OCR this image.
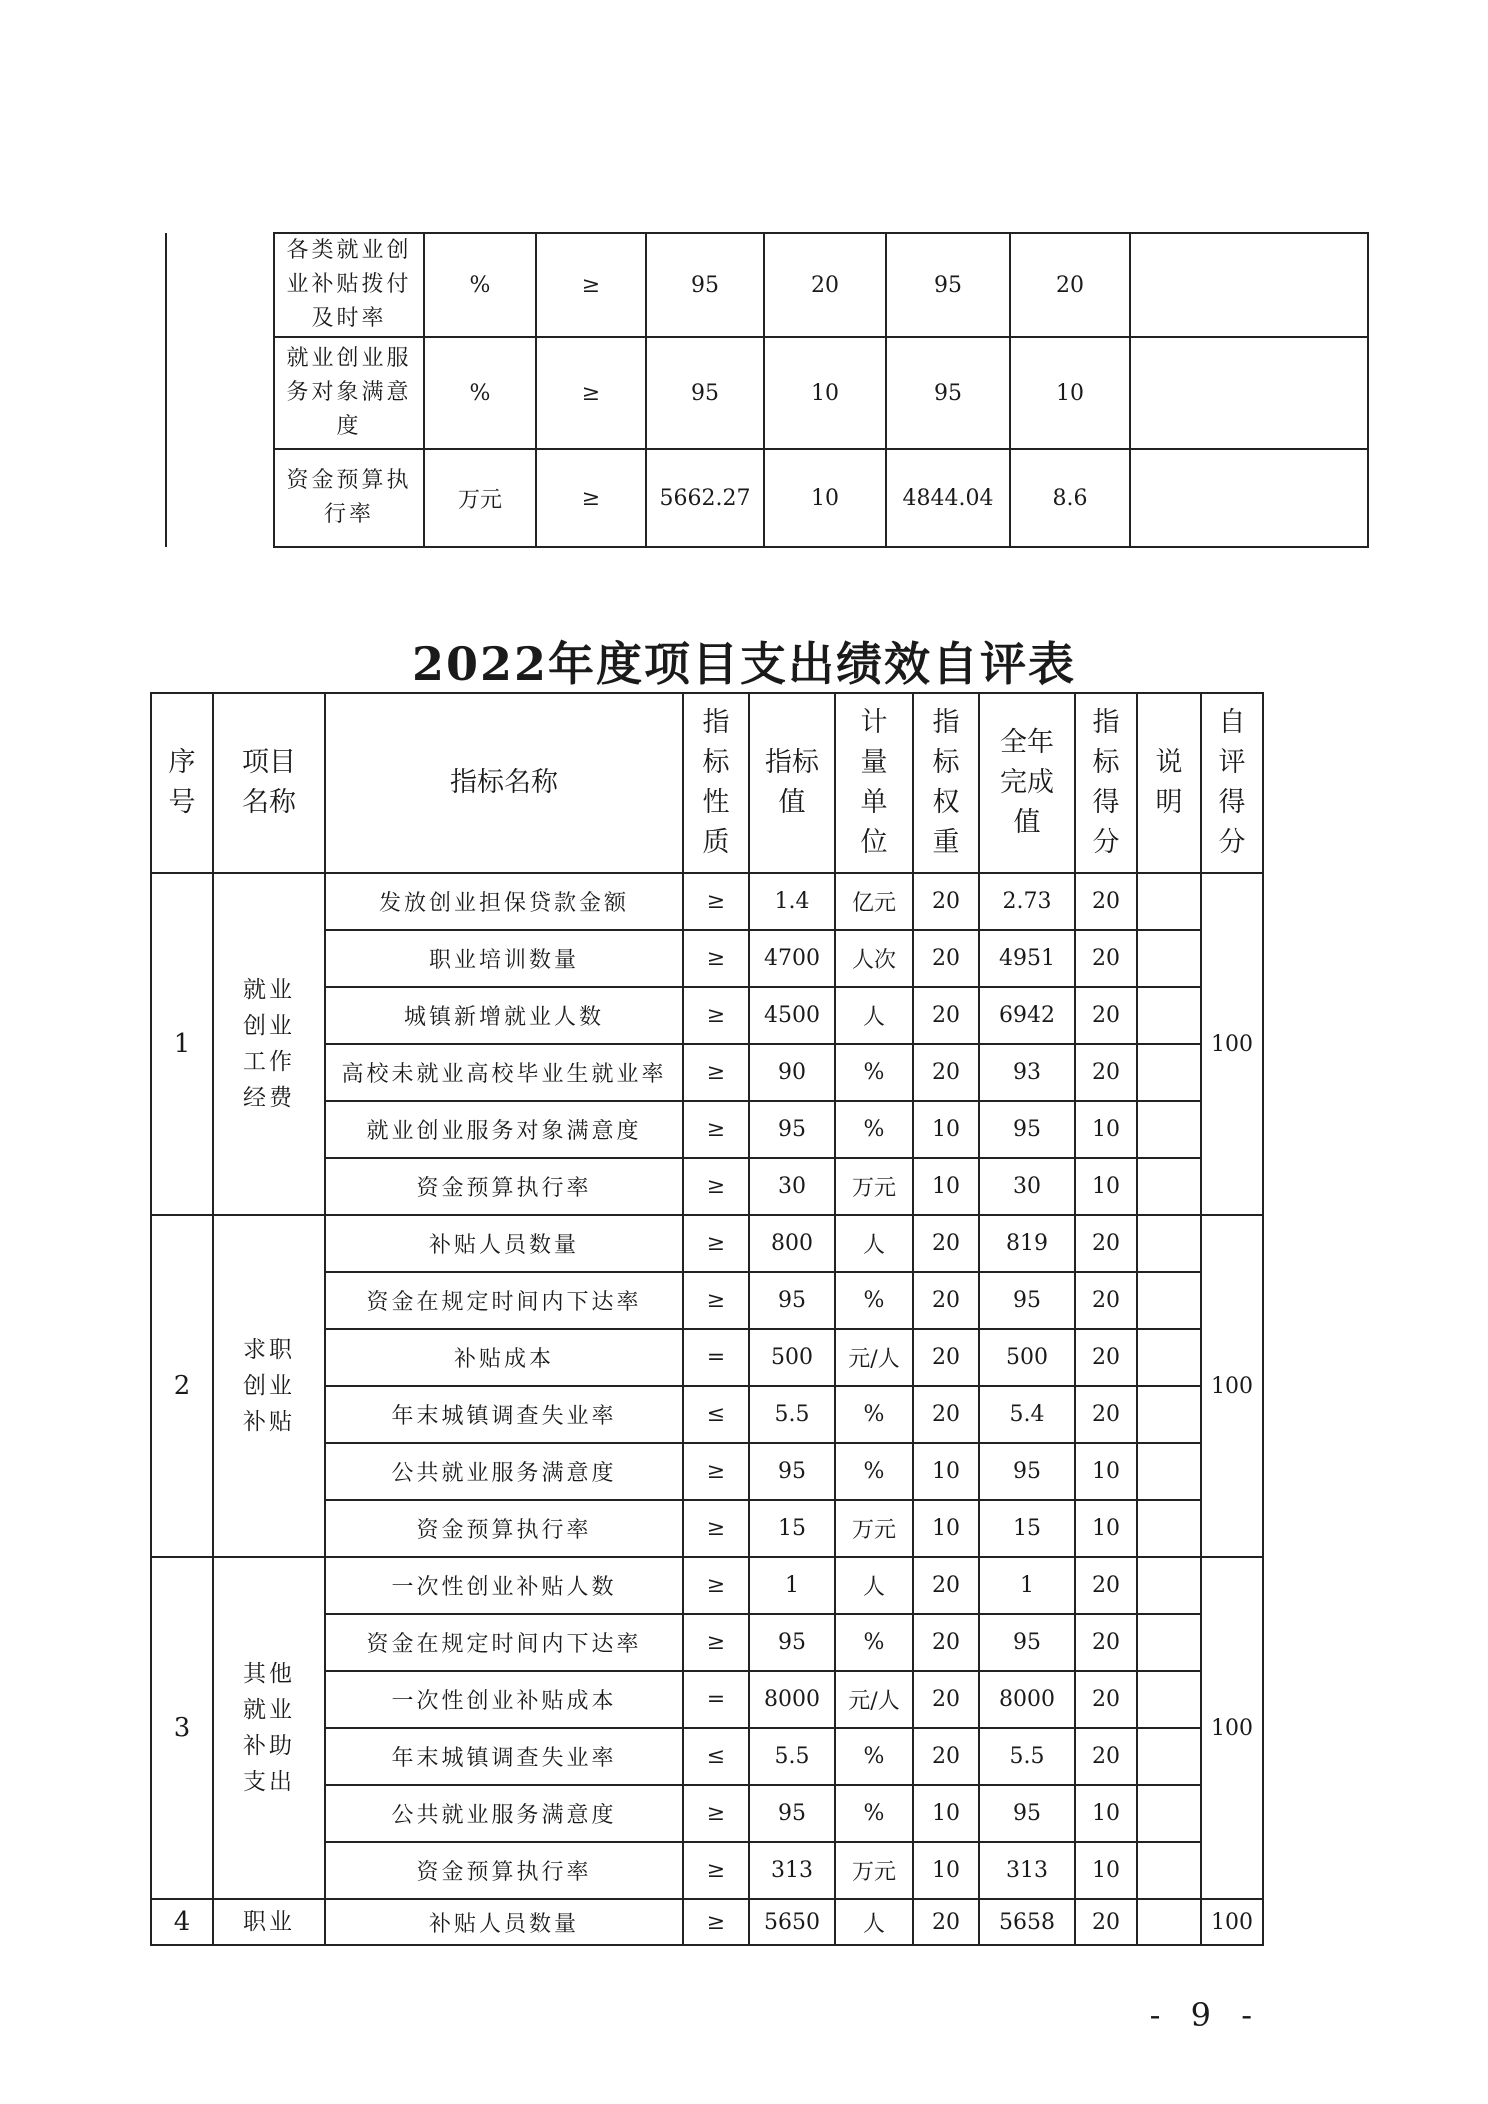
	各类就业创业补贴拨付及时率	%	≥	95	20	95	20	
	就业创业服务对象满意度	%	≥	95	10	95	10	
	资金预算执行率	万元	≥	5662.27	10	4844.04	8.6	
2022年度项目支出绩效自评表
序号	项目名称	指标名称	指标性质	指标值	计量单位	指标权重	全年完成值	指标得分	说明	自评得分
1	就业创业工作经费	发放创业担保贷款金额	≥	1.4	亿元	20	2.73	20		100
		职业培训数量	≥	4700	人次	20	4951	20		
		城镇新增就业人数	≥	4500	人	20	6942	20		
		高校未就业高校毕业生就业率	≥	90	%	20	93	20		
		就业创业服务对象满意度	≥	95	%	10	95	10		
		资金预算执行率	≥	30	万元	10	30	10		
2	求职创业补贴	补贴人员数量	≥	800	人	20	819	20		100
		资金在规定时间内下达率	≥	95	%	20	95	20		
		补贴成本	=	500	元/人	20	500	20		
		年末城镇调查失业率	≤	5.5	%	20	5.4	20		
		公共就业服务满意度	≥	95	%	10	95	10		
		资金预算执行率	≥	15	万元	10	15	10		
3	其他就业补助支出	一次性创业补贴人数	≥	1	人	20	1	20		100
		资金在规定时间内下达率	≥	95	%	20	95	20		
		一次性创业补贴成本	=	8000	元/人	20	8000	20		
		年末城镇调查失业率	≤	5.5	%	20	5.5	20		
		公共就业服务满意度	≥	95	%	10	95	10		
		资金预算执行率	≥	313	万元	10	313	10		
4	职业	补贴人员数量	≥	5650	人	20	5658	20		100
- 9 -
